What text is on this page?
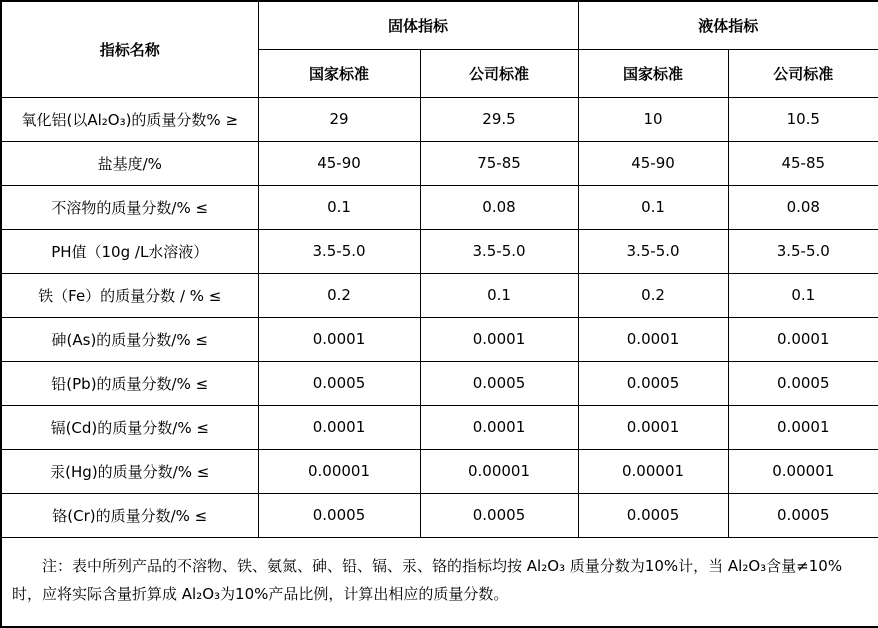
指标名称	固体指标		液体指标	
	国家标准	公司标准	国家标准	公司标准
氧化铝(以Al₂O₃)的质量分数% ≥	29	29.5	10	10.5
盐基度/%	45-90	75-85	45-90	45-85
不溶物的质量分数/% ≤	0.1	0.08	0.1	0.08
PH值（10g /L水溶液）	3.5-5.0	3.5-5.0	3.5-5.0	3.5-5.0
铁（Fe）的质量分数 / % ≤	0.2	0.1	0.2	0.1
砷(As)的质量分数/% ≤	0.0001	0.0001	0.0001	0.0001
铅(Pb)的质量分数/% ≤	0.0005	0.0005	0.0005	0.0005
镉(Cd)的质量分数/% ≤	0.0001	0.0001	0.0001	0.0001
汞(Hg)的质量分数/% ≤	0.00001	0.00001	0.00001	0.00001
铬(Cr)的质量分数/% ≤	0.0005	0.0005	0.0005	0.0005

注：表中所列产品的不溶物、铁、氨氮、砷、铅、镉、汞、铬的指标均按 Al₂O₃ 质量分数为10%计，当 Al₂O₃含量≠10%时，应将实际含量折算成 Al₂O₃为10%产品比例，计算出相应的质量分数。				
